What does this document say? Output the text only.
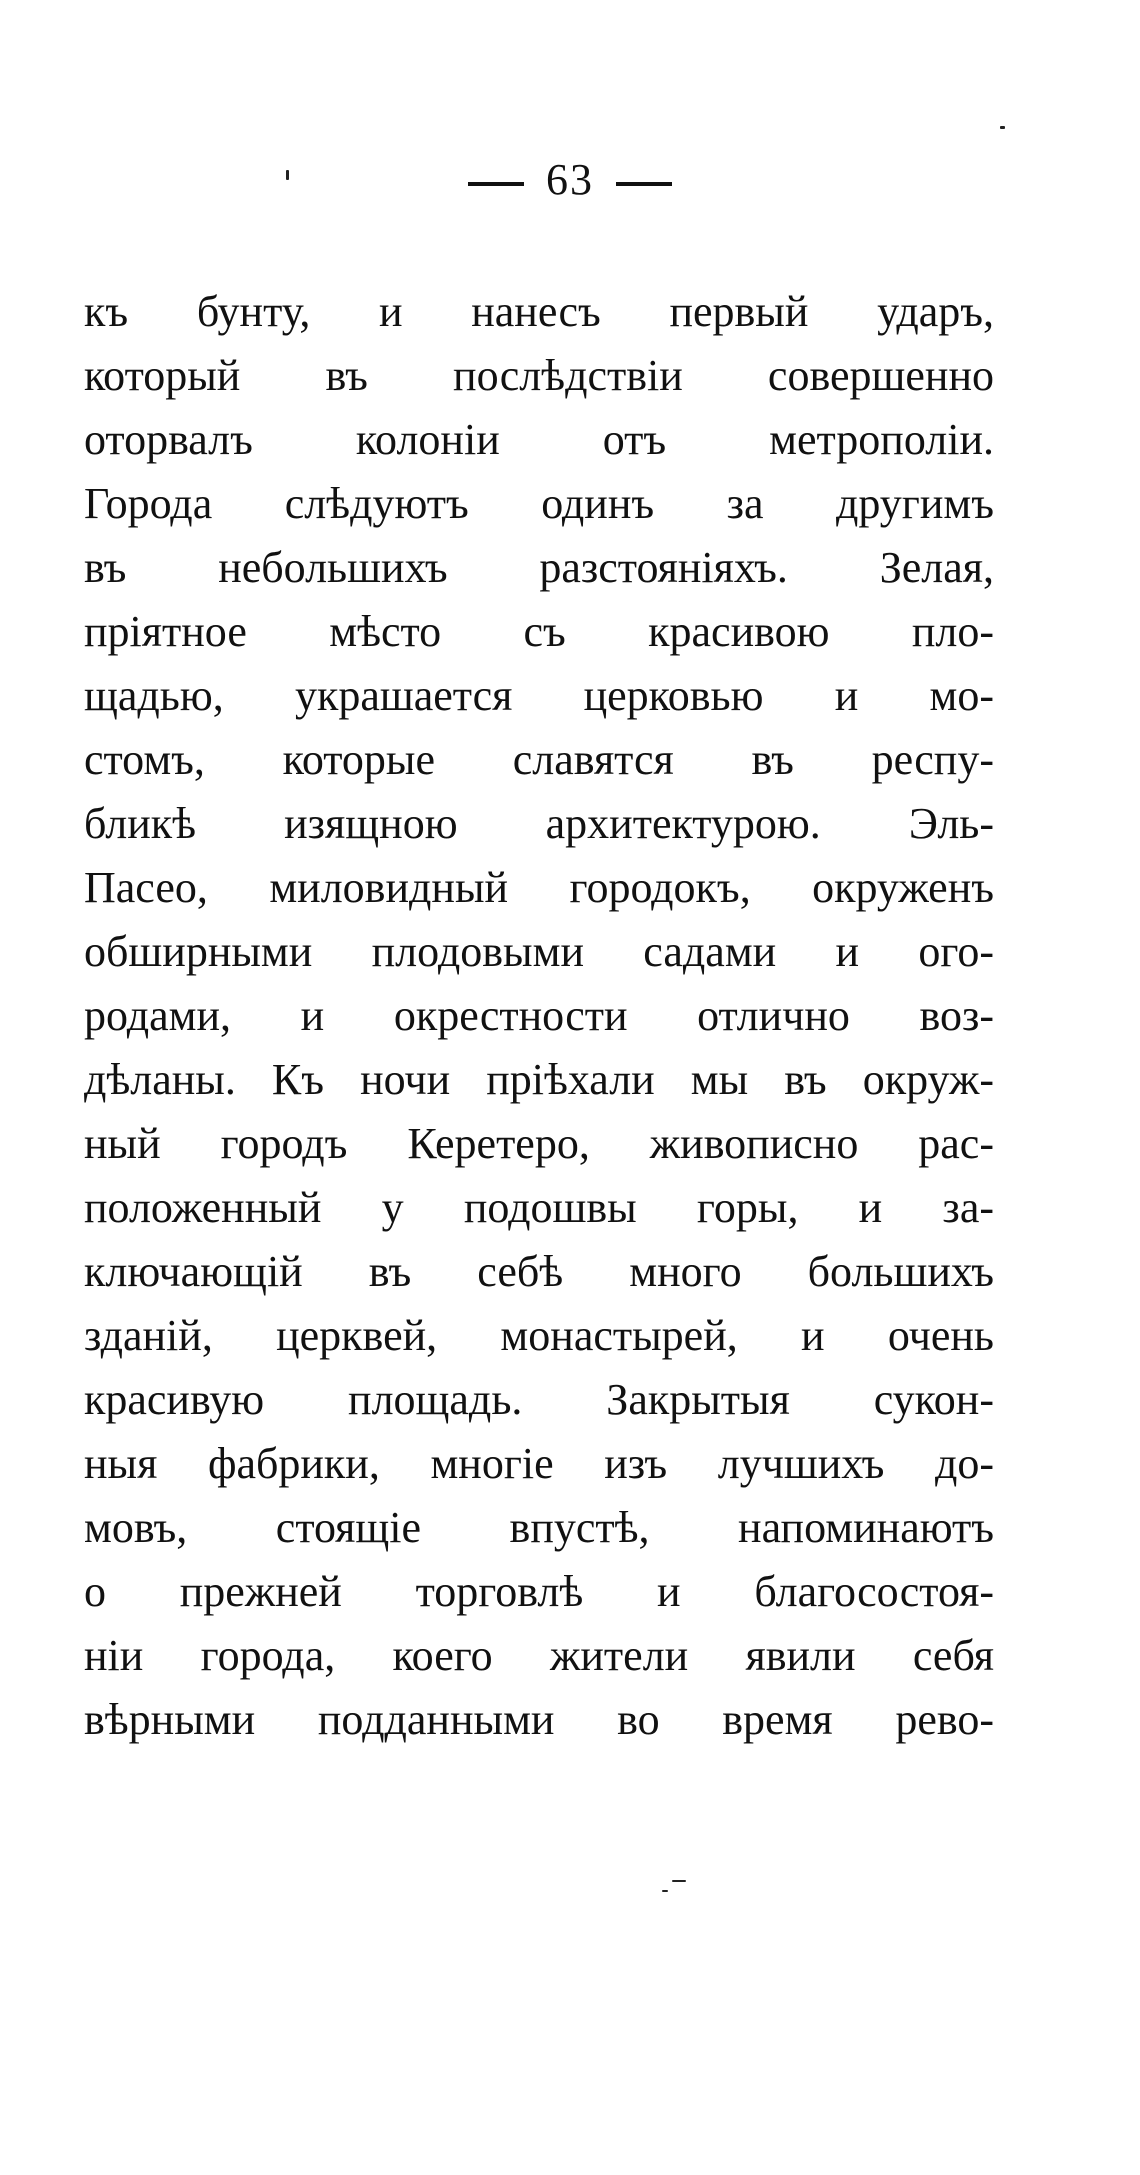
63
къ бунту, и нанесъ первый ударъ,
который въ послѣдствіи совершенно
оторвалъ колоніи отъ метрополіи.
Города слѣдуютъ одинъ за другимъ
въ небольшихъ разстояніяхъ. Зелая,
пріятное мѣсто съ красивою пло-
щадью, украшается церковью и мо-
стомъ, которые славятся въ респу-
бликѣ изящною архитектурою. Эль-
Пасео, миловидный городокъ, окруженъ
обширными плодовыми садами и ого-
родами, и окрестности отлично воз-
дѣланы. Къ ночи пріѣхали мы въ окруж-
ный городъ Керетеро, живописно рас-
положенный у подошвы горы, и за-
ключающій въ себѣ много большихъ
зданій, церквей, монастырей, и очень
красивую площадь. Закрытыя сукон-
ныя фабрики, многіе изъ лучшихъ до-
мовъ, стоящіе впустѣ, напоминаютъ
о прежней торговлѣ и благосостоя-
ніи города, коего жители явили себя
вѣрными подданными во время рево-
